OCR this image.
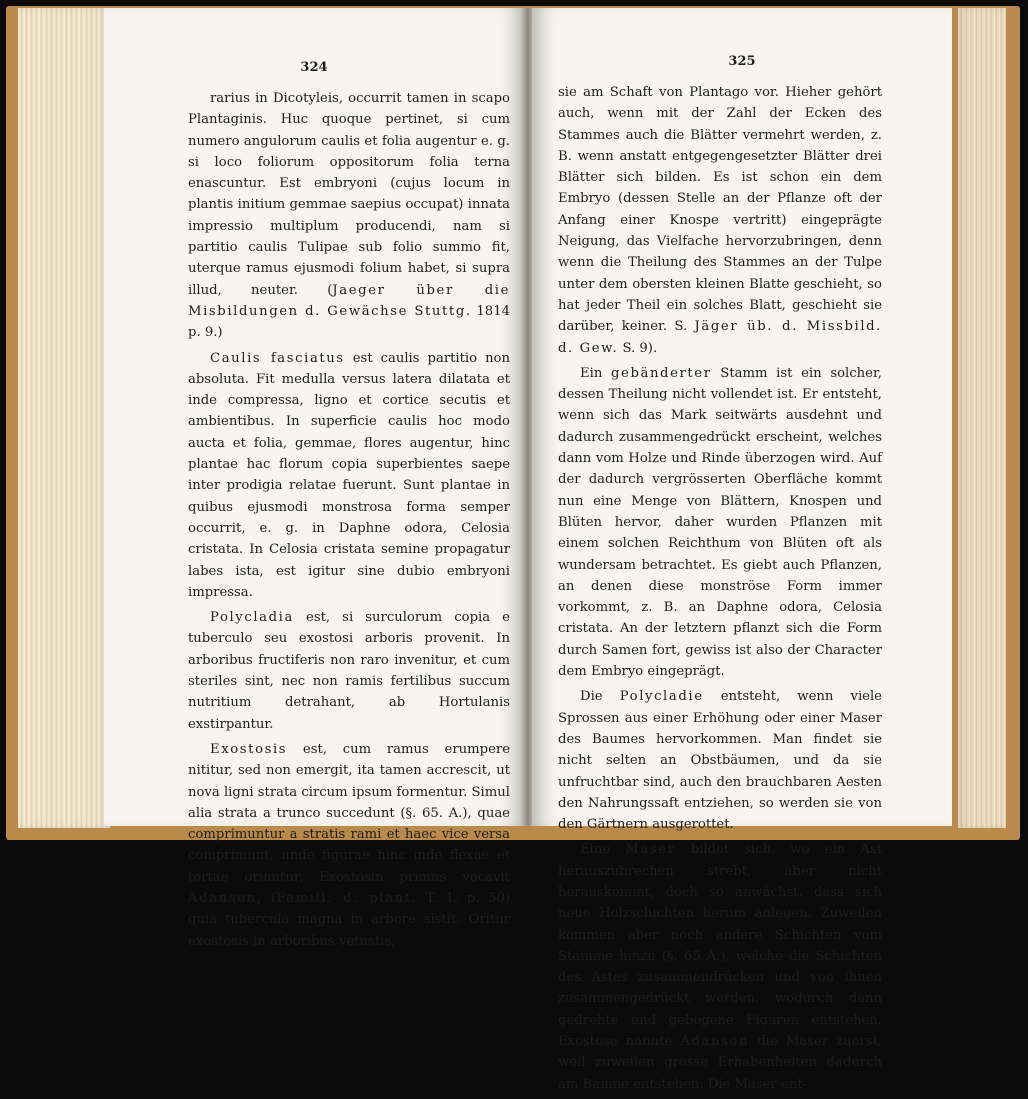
324

rarius in Dicotyleis, occurrit tamen in scapo Plantaginis. Huc quoque pertinet, si cum numero angulorum caulis et folia augentur e. g. si loco foliorum oppositorum folia terna enascuntur. Est embryoni (cujus locum in plantis initium gemmae saepius occupat) innata impressio multiplum producendi, nam si partitio caulis Tulipae sub folio summo fit, uterque ramus ejusmodi folium habet, si supra illud, neuter. (Jaeger über die Misbildungen d. Gewächse Stuttg. 1814 p. 9.)

Caulis fasciatus est caulis partitio non absoluta. Fit medulla versus latera dilatata et inde compressa, ligno et cortice secutis et ambientibus. In superficie caulis hoc modo aucta et folia, gemmae, flores augentur, hinc plantae hac florum copia superbientes saepe inter prodigia relatae fuerunt. Sunt plantae in quibus ejusmodi monstrosa forma semper occurrit, e. g. in Daphne odora, Celosia cristata. In Celosia cristata semine propagatur labes ista, est igitur sine dubio embryoni impressa.

Polycladia est, si surculorum copia e tuberculo seu exostosi arboris provenit. In arboribus fructiferis non raro invenitur, et cum steriles sint, nec non ramis fertilibus succum nutritium detrahant, ab Hortulanis exstirpantur.

Exostosis est, cum ramus erumpere nititur, sed non emergit, ita tamen accrescit, ut nova ligni strata circum ipsum formentur. Simul alia strata a trunco succedunt (§. 65. A.), quae comprimuntur a stratis rami et haec vice versa comprimunt, unde figurae hinc inde flexae et tortae oriuntur, Exostosin primus vocavit Adanson, (Famill. d. plant. T. 1. p. 50) quia tubercula magna in arbore sistit. Oritur exostosis in arboribus vetustis,

325

sie am Schaft von Plantago vor. Hieher gehört auch, wenn mit der Zahl der Ecken des Stammes auch die Blätter vermehrt werden, z. B. wenn anstatt entgegengesetzter Blätter drei Blätter sich bilden. Es ist schon ein dem Embryo (dessen Stelle an der Pflanze oft der Anfang einer Knospe vertritt) eingeprägte Neigung, das Vielfache hervorzubringen, denn wenn die Theilung des Stammes an der Tulpe unter dem obersten kleinen Blatte geschieht, so hat jeder Theil ein solches Blatt, geschieht sie darüber, keiner. S. Jäger üb. d. Missbild. d. Gew. S. 9).

Ein gebänderter Stamm ist ein solcher, dessen Theilung nicht vollendet ist. Er entsteht, wenn sich das Mark seitwärts ausdehnt und dadurch zusammengedrückt erscheint, welches dann vom Holze und Rinde überzogen wird. Auf der dadurch vergrösserten Oberfläche kommt nun eine Menge von Blättern, Knospen und Blüten hervor, daher wurden Pflanzen mit einem solchen Reichthum von Blüten oft als wundersam betrachtet. Es giebt auch Pflanzen, an denen diese monströse Form immer vorkommt, z. B. an Daphne odora, Celosia cristata. An der letztern pflanzt sich die Form durch Samen fort, gewiss ist also der Character dem Embryo eingeprägt.

Die Polycladie entsteht, wenn viele Sprossen aus einer Erhöhung oder einer Maser des Baumes hervorkommen. Man findet sie nicht selten an Obstbäumen, und da sie unfruchtbar sind, auch den brauchbaren Aesten den Nahrungssaft entziehen, so werden sie von den Gärtnern ausgerottet.

Eine Maser bildet sich, wo ein Ast herauszubrechen strebt, aber nicht herauskommt, doch so anwächst, dass sich neue Holzschichten herum anlegen. Zuweilen kommen aber noch andere Schichten vom Stamme hinzu (§. 65 A.), welche die Schichten des Astes zusammendrücken und von ihnen zusammengedrückt werden, wodurch dann gedrehte und gebogene Figuren entstehen. Exostose nannte Adanson die Maser zuerst, weil zuweilen grosse Erhabenheiten dadurch am Baume entstehen. Die Maser ent-
